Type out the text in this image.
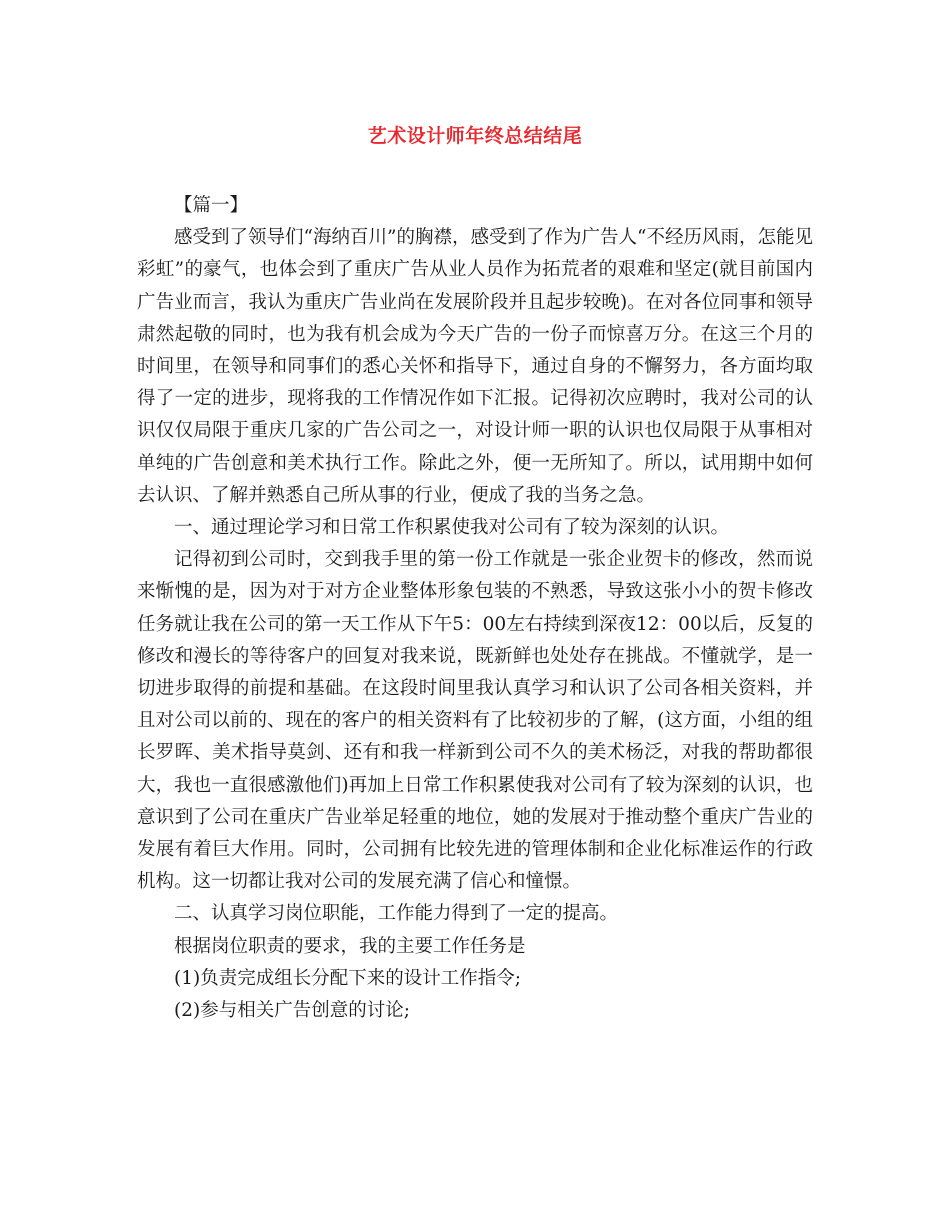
艺术设计师年终总结结尾

【篇一】

感受到了领导们“海纳百川”的胸襟，感受到了作为广告人“不经历风雨，怎能见彩虹”的豪气，也体会到了重庆广告从业人员作为拓荒者的艰难和坚定(就目前国内广告业而言，我认为重庆广告业尚在发展阶段并且起步较晚)。在对各位同事和领导肃然起敬的同时，也为我有机会成为今天广告的一份子而惊喜万分。在这三个月的时间里，在领导和同事们的悉心关怀和指导下，通过自身的不懈努力，各方面均取得了一定的进步，现将我的工作情况作如下汇报。记得初次应聘时，我对公司的认识仅仅局限于重庆几家的广告公司之一，对设计师一职的认识也仅局限于从事相对单纯的广告创意和美术执行工作。除此之外，便一无所知了。所以，试用期中如何去认识、了解并熟悉自己所从事的行业，便成了我的当务之急。

一、通过理论学习和日常工作积累使我对公司有了较为深刻的认识。

记得初到公司时，交到我手里的第一份工作就是一张企业贺卡的修改，然而说来惭愧的是，因为对于对方企业整体形象包装的不熟悉，导致这张小小的贺卡修改任务就让我在公司的第一天工作从下午5：00左右持续到深夜12：00以后，反复的修改和漫长的等待客户的回复对我来说，既新鲜也处处存在挑战。不懂就学，是一切进步取得的前提和基础。在这段时间里我认真学习和认识了公司各相关资料，并且对公司以前的、现在的客户的相关资料有了比较初步的了解，(这方面，小组的组长罗晖、美术指导莫剑、还有和我一样新到公司不久的美术杨泛，对我的帮助都很大，我也一直很感激他们)再加上日常工作积累使我对公司有了较为深刻的认识，也意识到了公司在重庆广告业举足轻重的地位，她的发展对于推动整个重庆广告业的发展有着巨大作用。同时，公司拥有比较先进的管理体制和企业化标准运作的行政机构。这一切都让我对公司的发展充满了信心和憧憬。

二、认真学习岗位职能，工作能力得到了一定的提高。

根据岗位职责的要求，我的主要工作任务是

(1)负责完成组长分配下来的设计工作指令;

(2)参与相关广告创意的讨论;
